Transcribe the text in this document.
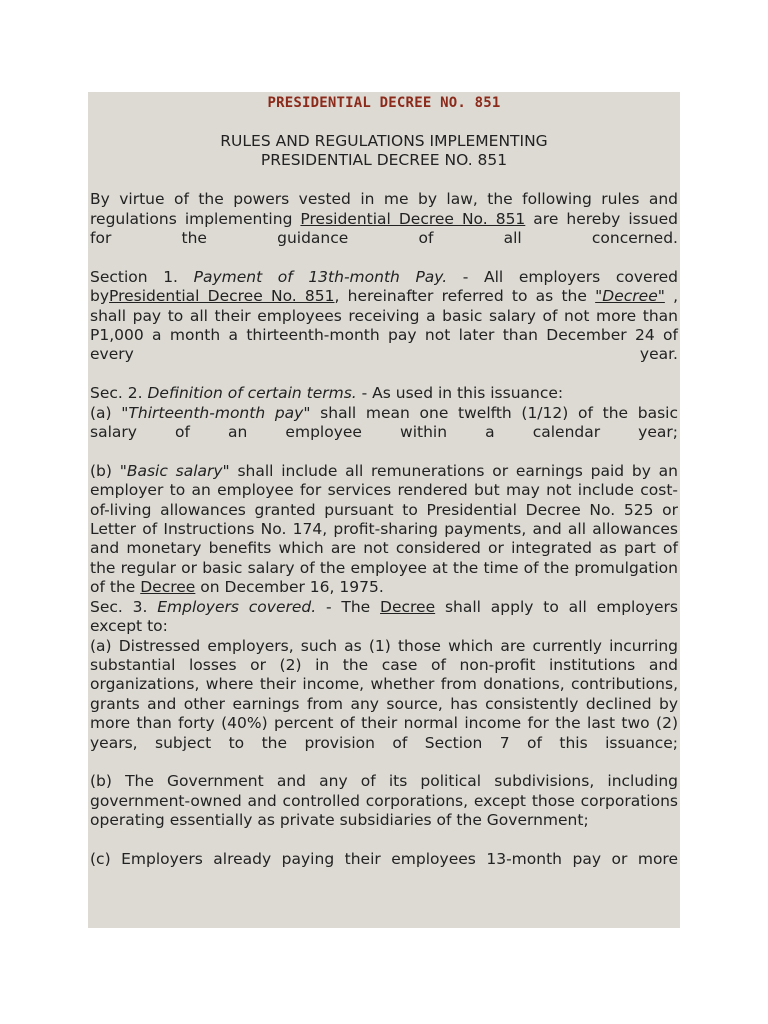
PRESIDENTIAL DECREE NO. 851
RULES AND REGULATIONS IMPLEMENTING
PRESIDENTIAL DECREE NO. 851

By virtue of the powers vested in me by law, the following rules and regulations implementing Presidential Decree No. 851 are hereby issued for the guidance of all concerned.

Section 1. Payment of 13th-month Pay. - All employers covered byPresidential Decree No. 851, hereinafter referred to as the "Decree" , shall pay to all their employees receiving a basic salary of not more than P1,000 a month a thirteenth-month pay not later than December 24 of every year.

Sec. 2. Definition of certain terms. - As used in this issuance:

(a) "Thirteenth-month pay" shall mean one twelfth (1/12) of the basic salary of an employee within a calendar year;

(b) "Basic salary" shall include all remunerations or earnings paid by an employer to an employee for services rendered but may not include cost-of-living allowances granted pursuant to Presidential Decree No. 525 or Letter of Instructions No. 174, profit-sharing payments, and all allowances and monetary benefits which are not considered or integrated as part of the regular or basic salary of the employee at the time of the promulgation of the Decree on December 16, 1975.

Sec. 3. Employers covered. - The Decree shall apply to all employers except to:

(a) Distressed employers, such as (1) those which are currently incurring substantial losses or (2) in the case of non-profit institutions and organizations, where their income, whether from donations, contributions, grants and other earnings from any source, has consistently declined by more than forty (40%) percent of their normal income for the last two (2) years, subject to the provision of Section 7 of this issuance;

(b) The Government and any of its political subdivisions, including government-owned and controlled corporations, except those corporations operating essentially as private subsidiaries of the Government;

(c) Employers already paying their employees 13-month pay or more
